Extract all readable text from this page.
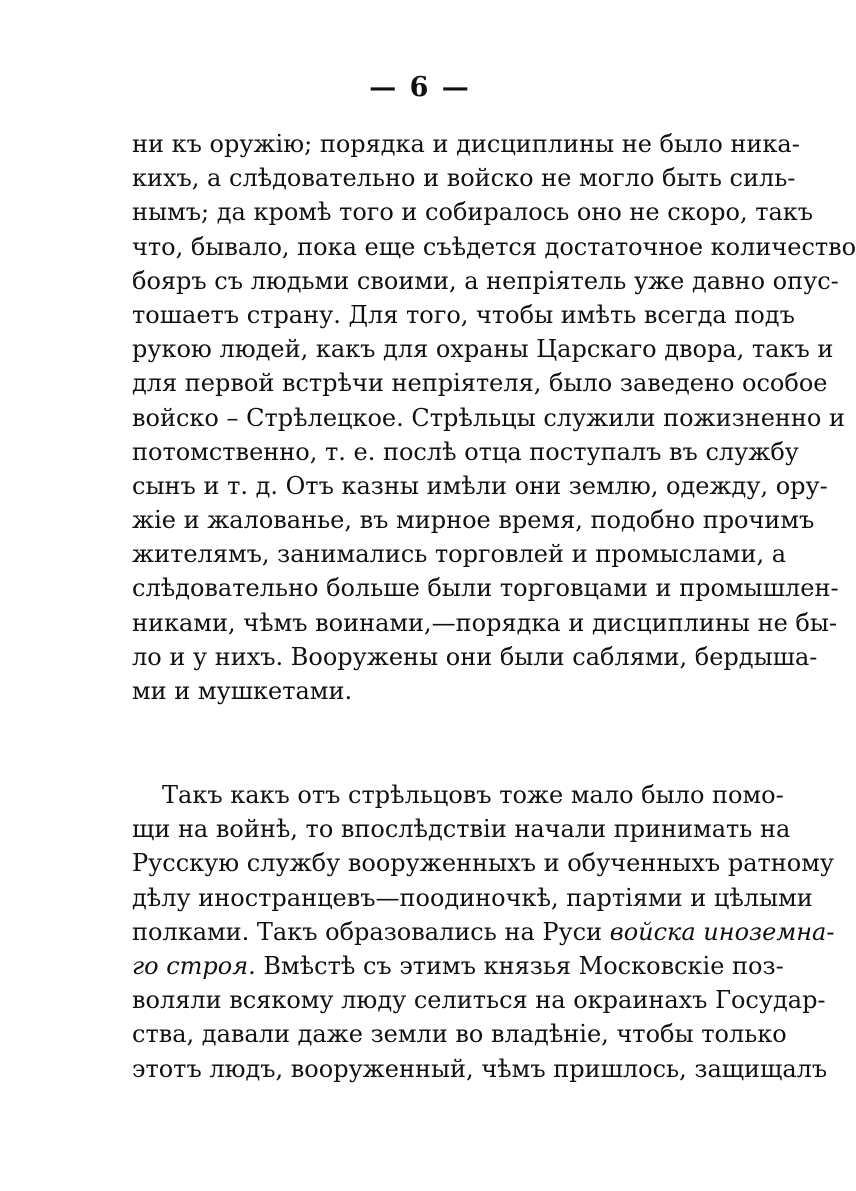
— 6 —
ни къ оружію; порядка и дисциплины не было ника-
кихъ, а слѣдовательно и войско не могло быть силь-
нымъ; да кромѣ того и собиралось оно не скоро, такъ
что, бывало, пока еще съѣдется достаточное количество
бояръ съ людьми своими, а непріятель уже давно опус-
тошаетъ страну. Для того, чтобы имѣть всегда подъ
рукою людей, какъ для охраны Царскаго двора, такъ и
для первой встрѣчи непріятеля, было заведено особое
войско – Стрѣлецкое. Стрѣльцы служили пожизненно и
потомственно, т. е. послѣ отца поступалъ въ службу
сынъ и т. д. Отъ казны имѣли они землю, одежду, ору-
жіе и жалованье, въ мирное время, подобно прочимъ
жителямъ, занимались торговлей и промыслами, а
слѣдовательно больше были торговцами и промышлен-
никами, чѣмъ воинами,—порядка и дисциплины не бы-
ло и у нихъ. Вооружены они были саблями, бердыша-
ми и мушкетами.
Такъ какъ отъ стрѣльцовъ тоже мало было помо-
щи на войнѣ, то впослѣдствіи начали принимать на
Русскую службу вооруженныхъ и обученныхъ ратному
дѣлу иностранцевъ—поодиночкѣ, партіями и цѣлыми
полками. Такъ образовались на Руси войска иноземна-
го строя. Вмѣстѣ съ этимъ князья Московскіе поз-
воляли всякому люду селиться на окраинахъ Государ-
ства, давали даже земли во владѣніе, чтобы только
этотъ людъ, вооруженный, чѣмъ пришлось, защищалъ
